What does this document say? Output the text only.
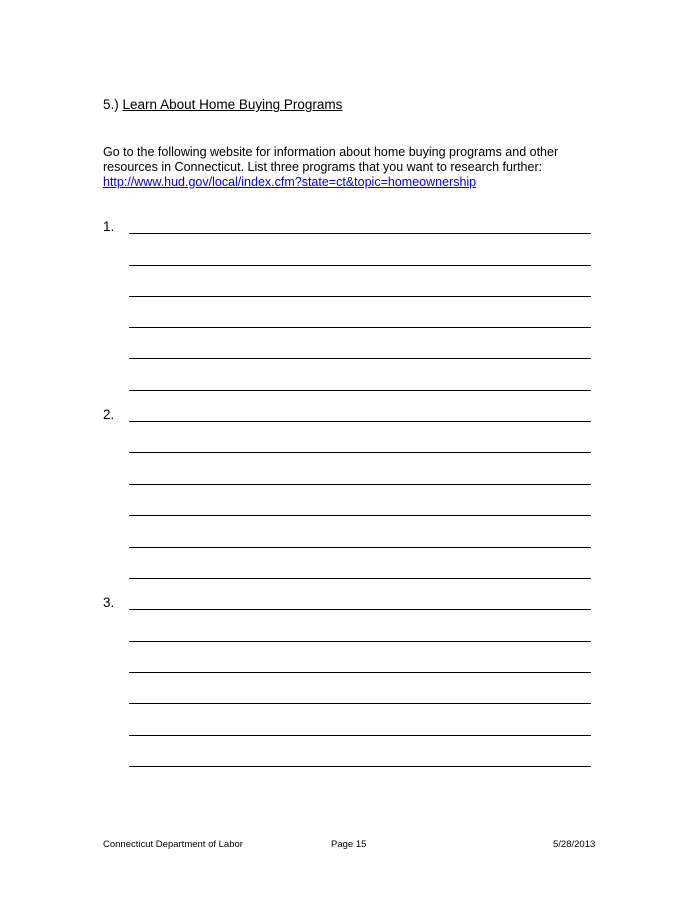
5.) Learn About Home Buying Programs
Go to the following website for information about home buying programs and other
resources in Connecticut. List three programs that you want to research further:
http://www.hud.gov/local/index.cfm?state=ct&topic=homeownership
1.
2.
3.
Connecticut Department of Labor	Page 15	5/28/2013
